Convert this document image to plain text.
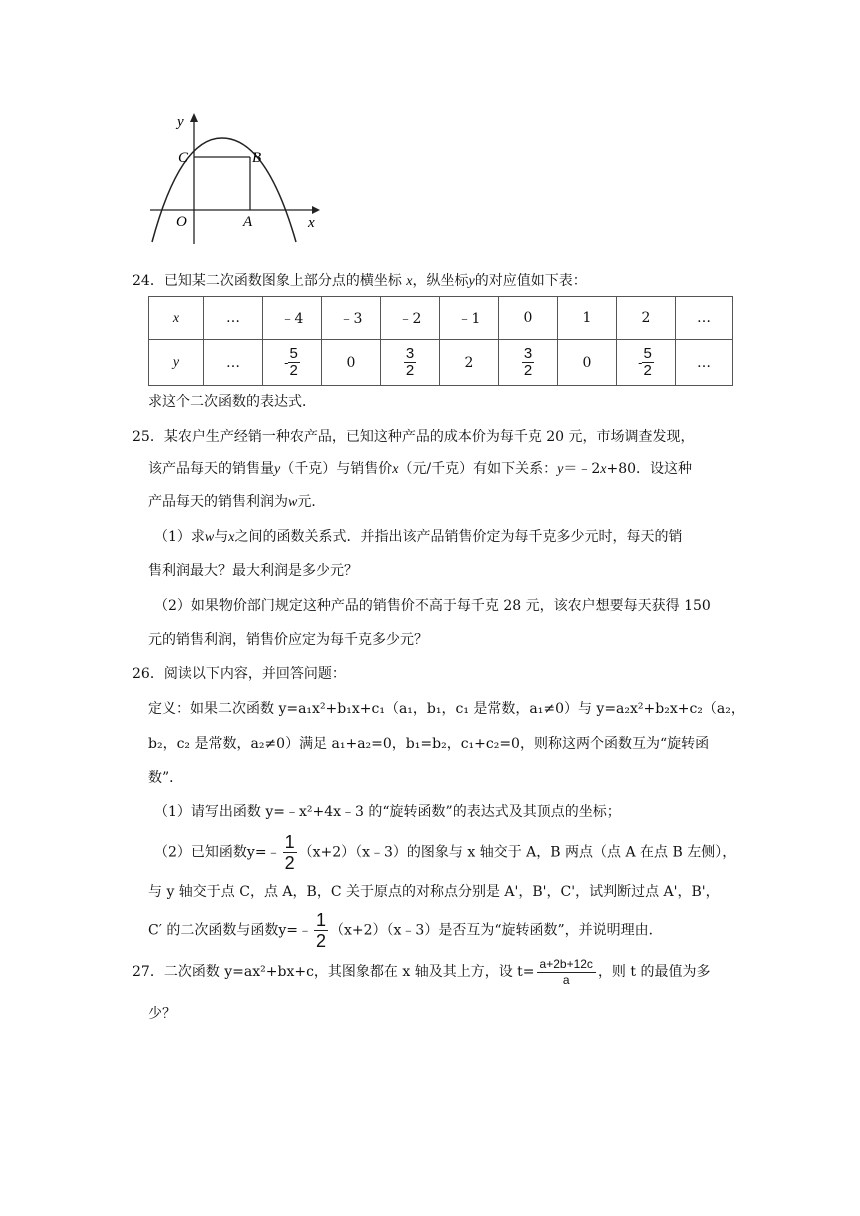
y
x
C	B
O	A
24．已知某二次函数图象上部分点的横坐标 x，纵坐标y的对应值如下表：
x	…	﹣4	﹣3	﹣2	﹣1	0	1	2	…
y	…	- $\frac{5}{2}$	0	$\frac{3}{2}$	2	$\frac{3}{2}$	0	- $\frac{5}{2}$	…
求这个二次函数的表达式．
25．某农户生产经销一种农产品，已知这种产品的成本价为每千克 20 元，市场调查发现，
该产品每天的销售量y（千克）与销售价x（元/千克）有如下关系：y＝﹣2x+80．设这种
产品每天的销售利润为w元．
（1）求w与x之间的函数关系式．并指出该产品销售价定为每千克多少元时，每天的销
售利润最大？最大利润是多少元？
（2）如果物价部门规定这种产品的销售价不高于每千克 28 元，该农户想要每天获得 150
元的销售利润，销售价应定为每千克多少元？
26．阅读以下内容，并回答问题：
定义：如果二次函数 y=a₁x²+b₁x+c₁（a₁，b₁，c₁ 是常数，a₁≠0）与 y=a₂x²+b₂x+c₂（a₂，
b₂，c₂ 是常数，a₂≠0）满足 a₁+a₂=0，b₁=b₂，c₁+c₂=0，则称这两个函数互为“旋转函
数”．
（1）请写出函数 y=﹣x²+4x﹣3 的“旋转函数”的表达式及其顶点的坐标；
（2）已知函数y=﹣ $\frac{1}{2}$ （x+2）（x﹣3）的图象与 x 轴交于 A，B 两点（点 A 在点 B 左侧），
与 y 轴交于点 C，点 A，B，C 关于原点的对称点分别是 A'，B'，C'，试判断过点 A'，B'，
C′ 的二次函数与函数y=﹣ $\frac{1}{2}$ （x+2）（x﹣3）是否互为“旋转函数”，并说明理由．
27．二次函数 y=ax²+bx+c，其图象都在 x 轴及其上方，设 $t= \frac{a+2b+12c}{a}$ ，则 t 的最值为多
少？
